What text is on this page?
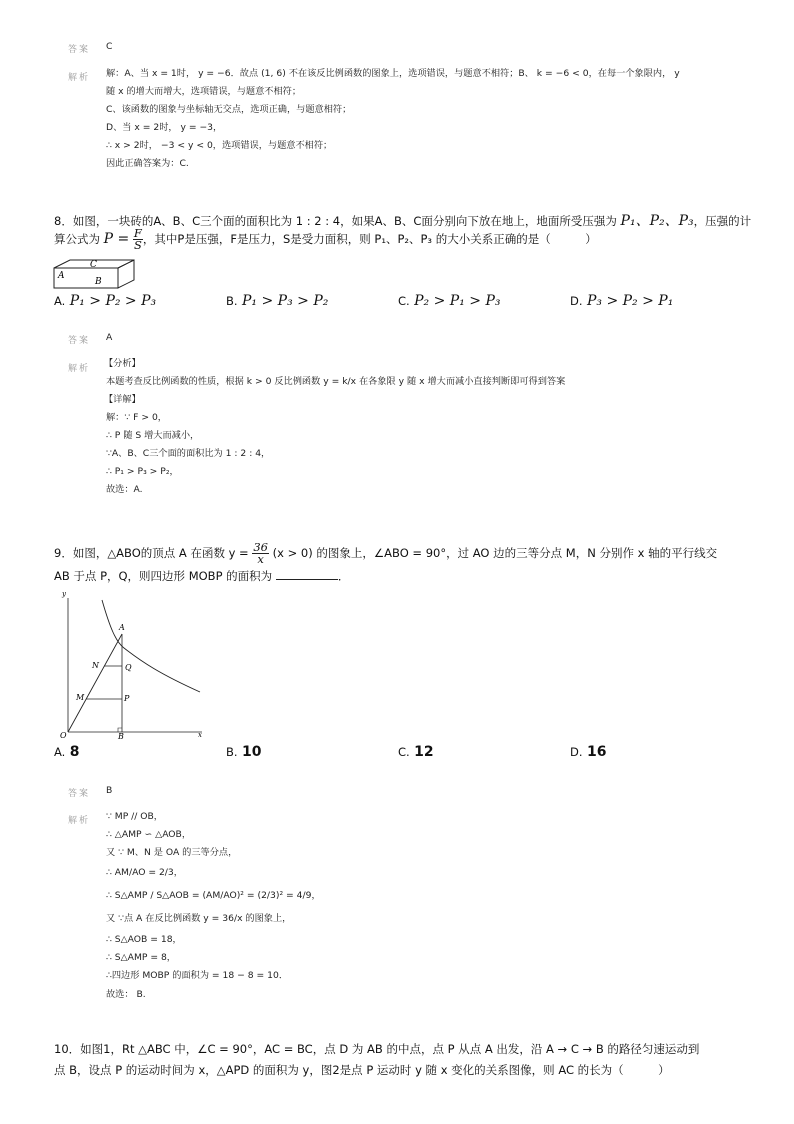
答案 C
解析 解：A、当 x = 1时， y = −6．故点 (1, 6) 不在该反比例函数的图象上，选项错误，与题意不相符；B、 k = −6 < 0，在每一个象限内， y
随 x 的增大而增大，选项错误，与题意不相符；
C、该函数的图象与坐标轴无交点，选项正确，与题意相符；
D、当 x = 2时， y = −3，
∴ x > 2时， −3 < y < 0，选项错误，与题意不相符；
因此正确答案为：C.
8．如图，一块砖的A、B、C三个面的面积比为 1 : 2 : 4，如果A、B、C面分别向下放在地上，地面所受压强为 P₁、P₂、P₃，压强的计
算公式为 $P = \frac{F}{S}$ ，其中P是压强，F是压力，S是受力面积，则 P₁、P₂、P₃ 的大小关系正确的是（　　　）
A
C
B
A. P₁ > P₂ > P₃	B. P₁ > P₃ > P₂	C. P₂ > P₁ > P₃	D. P₃ > P₂ > P₁
答案 A
解析 【分析】
本题考查反比例函数的性质，根据 k > 0 反比例函数 y = k/x 在各象限 y 随 x 增大而减小直接判断即可得到答案
【详解】
解：∵ F > 0，
∴ P 随 S 增大而减小，
∵A、B、C三个面的面积比为 1 : 2 : 4，
∴ P₁ > P₃ > P₂，
故选：A.
9．如图，△ABO的顶点 A 在函数 $y = \frac{36}{x} (x > 0)$ 的图象上，∠ABO = 90°，过 AO 边的三等分点 M，N 分别作 x 轴的平行线交
AB 于点 P，Q，则四边形 MOBP 的面积为	．
y
x
O
A
Q
N
P
M
B
A. 8	B. 10	C. 12	D. 16
答案 B
解析 ∵ MP // OB，
∴ △AMP ∽ △AOB，
又 ∵ M、N 是 OA 的三等分点，
∴ AM/AO = 2/3，
∴ S△AMP / S△AOB = (AM/AO)² = (2/3)² = 4/9，
又 ∵点 A 在反比例函数 y = 36/x 的图象上，
∴ S△AOB = 18，
∴ S△AMP = 8，
∴四边形 MOBP 的面积为 = 18 − 8 = 10．
故选： B.
10．如图1，Rt △ABC 中，∠C = 90°，AC = BC，点 D 为 AB 的中点，点 P 从点 A 出发，沿 A → C → B 的路径匀速运动到
点 B，设点 P 的运动时间为 x，△APD 的面积为 y，图2是点 P 运动时 y 随 x 变化的关系图像，则 AC 的长为（　　　）
